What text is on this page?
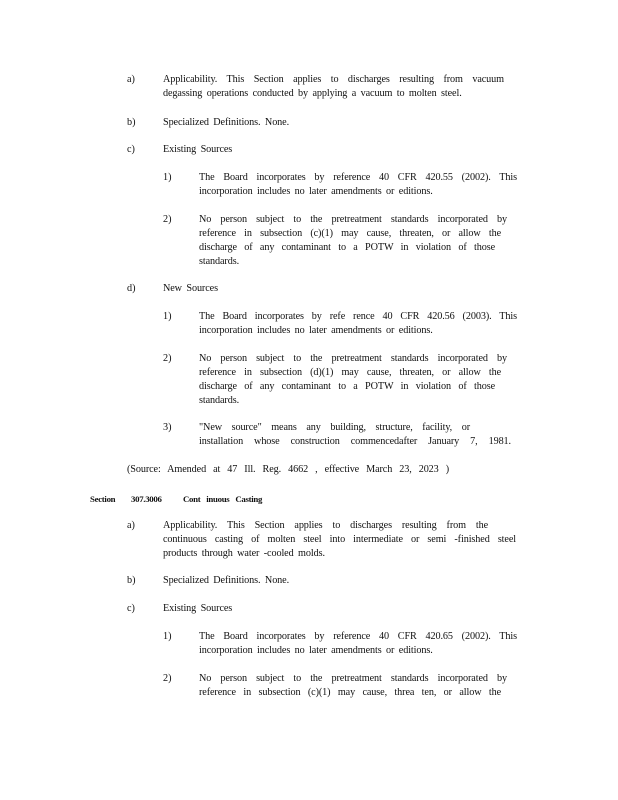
a)	Applicability. This Section applies to discharges resulting from vacuum
degassing operations conducted by applying a vacuum to molten steel.
b)	Specialized Definitions. None.
c)	Existing Sources
1)	The Board incorporates by reference 40 CFR 420.55 (2002). This
incorporation includes no later amendments or editions.
2)	No person subject to the pretreatment standards incorporated by
reference in subsection (c)(1) may cause, threaten, or allow the
discharge of any contaminant to a POTW in violation of those
standards.
d)	New Sources
1)	The Board incorporates by refe rence 40 CFR 420.56 (2003). This
incorporation includes no later amendments or editions.
2)	No person subject to the pretreatment standards incorporated by
reference in subsection (d)(1) may cause, threaten, or allow the
discharge of any contaminant to a POTW in violation of those
standards.
3)	"New source" means any building, structure, facility, or
installation whose construction commencedafter January 7, 1981.
(Source: Amended at 47 Ill. Reg. 4662 , effective March 23, 2023 )
Section 307.3006 Cont inuous Casting
a)	Applicability. This Section applies to discharges resulting from the
continuous casting of molten steel into intermediate or semi -finished steel
products through water -cooled molds.
b)	Specialized Definitions. None.
c)	Existing Sources
1)	The Board incorporates by reference 40 CFR 420.65 (2002). This
incorporation includes no later amendments or editions.
2)	No person subject to the pretreatment standards incorporated by
reference in subsection (c)(1) may cause, threa ten, or allow the
